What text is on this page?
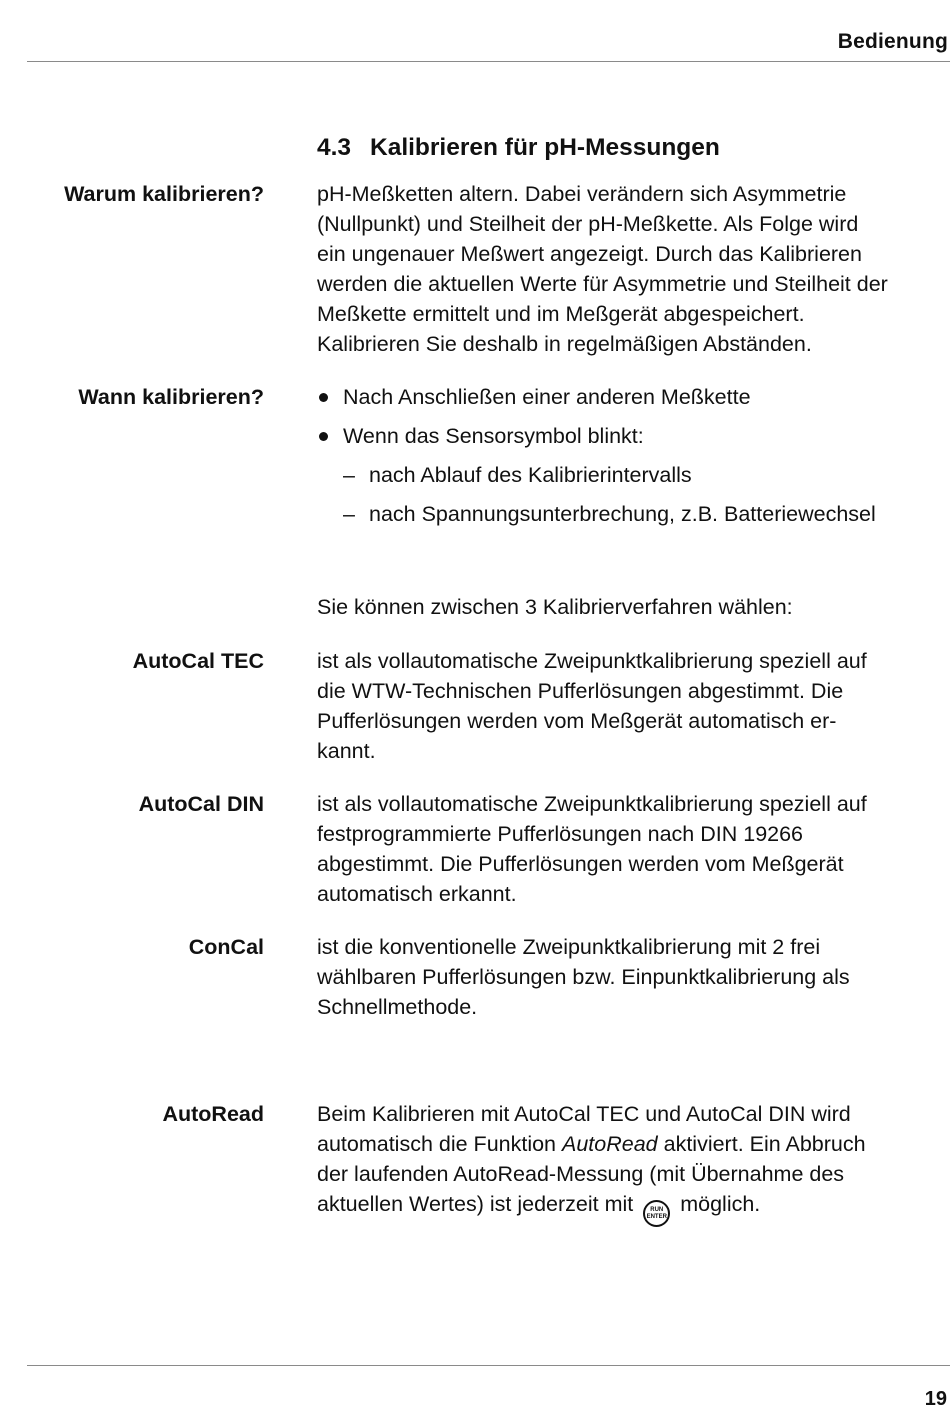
Bedienung
4.3 Kalibrieren für pH-Messungen
Warum kalibrieren? pH-Meßketten altern. Dabei verändern sich Asymmetrie
(Nullpunkt) und Steilheit der pH-Meßkette. Als Folge wird
ein ungenauer Meßwert angezeigt. Durch das Kalibrieren
werden die aktuellen Werte für Asymmetrie und Steilheit der
Meßkette ermittelt und im Meßgerät abgespeichert.
Kalibrieren Sie deshalb in regelmäßigen Abständen.
Wann kalibrieren?	Nach Anschließen einer anderen Meßkette
Wenn das Sensorsymbol blinkt:
– nach Ablauf des Kalibrierintervalls
– nach Spannungsunterbrechung, z.B. Batteriewechsel
Sie können zwischen 3 Kalibrierverfahren wählen:
AutoCal TEC ist als vollautomatische Zweipunktkalibrierung speziell auf
die WTW-Technischen Pufferlösungen abgestimmt. Die
Pufferlösungen werden vom Meßgerät automatisch er-
kannt.
AutoCal DIN ist als vollautomatische Zweipunktkalibrierung speziell auf
festprogrammierte Pufferlösungen nach DIN 19266
abgestimmt. Die Pufferlösungen werden vom Meßgerät
automatisch erkannt.
ConCal ist die konventionelle Zweipunktkalibrierung mit 2 frei
wählbaren Pufferlösungen bzw. Einpunktkalibrierung als
Schnellmethode.
AutoRead Beim Kalibrieren mit AutoCal TEC und AutoCal DIN wird
automatisch die Funktion AutoRead aktiviert. Ein Abbruch
der laufenden AutoRead-Messung (mit Übernahme des
aktuellen Wertes) ist jederzeit mit	RUN
ENTER
möglich.
19
